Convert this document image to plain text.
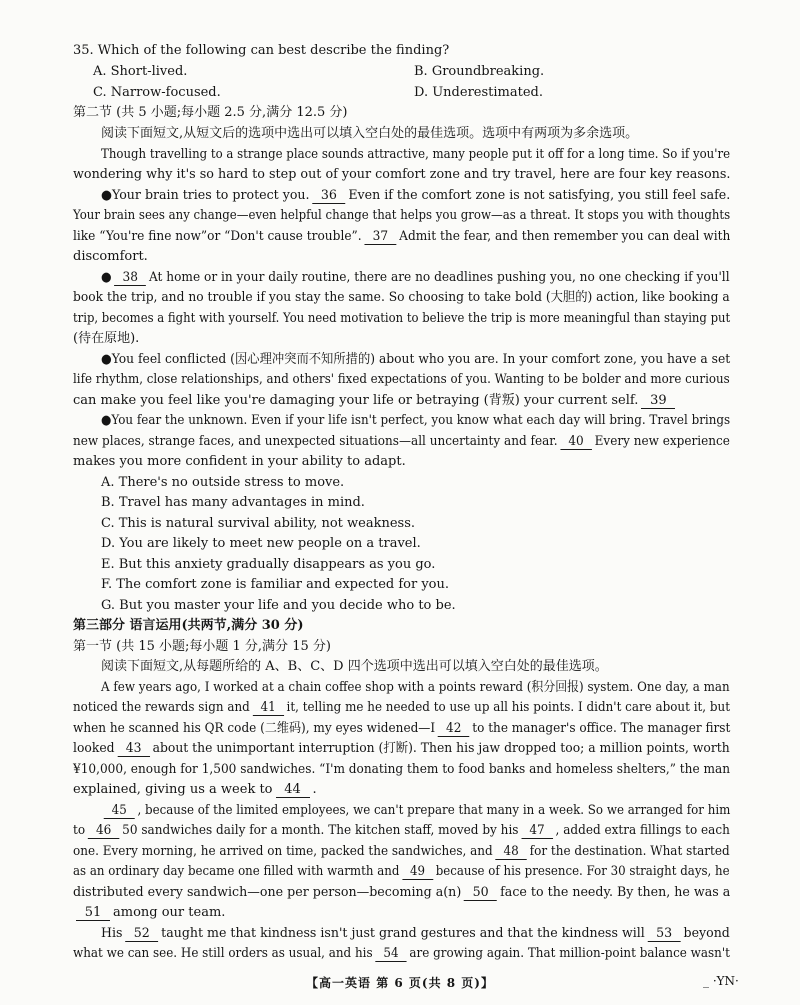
35. Which of the following can best describe the finding?
A. Short-lived.	B. Groundbreaking.
C. Narrow-focused.	D. Underestimated.
第二节 (共 5 小题;每小题 2.5 分,满分 12.5 分)
阅读下面短文,从短文后的选项中选出可以填入空白处的最佳选项。选项中有两项为多余选项。
Though travelling to a strange place sounds attractive, many people put it off for a long time. So if you're
wondering why it's so hard to step out of your comfort zone and try travel, here are four key reasons.
●Your brain tries to protect you. 36 Even if the comfort zone is not satisfying, you still feel safe.
Your brain sees any change—even helpful change that helps you grow—as a threat. It stops you with thoughts
like “You're fine now”or “Don't cause trouble”. 37 Admit the fear, and then remember you can deal with
discomfort.
● 38 At home or in your daily routine, there are no deadlines pushing you, no one checking if you'll
book the trip, and no trouble if you stay the same. So choosing to take bold (大胆的) action, like booking a
trip, becomes a fight with yourself. You need motivation to believe the trip is more meaningful than staying put
(待在原地).
●You feel conflicted (因心理冲突而不知所措的) about who you are. In your comfort zone, you have a set
life rhythm, close relationships, and others' fixed expectations of you. Wanting to be bolder and more curious
can make you feel like you're damaging your life or betraying (背叛) your current self. 39
●You fear the unknown. Even if your life isn't perfect, you know what each day will bring. Travel brings
new places, strange faces, and unexpected situations—all uncertainty and fear. 40 Every new experience
makes you more confident in your ability to adapt.
A. There's no outside stress to move.
B. Travel has many advantages in mind.
C. This is natural survival ability, not weakness.
D. You are likely to meet new people on a travel.
E. But this anxiety gradually disappears as you go.
F. The comfort zone is familiar and expected for you.
G. But you master your life and you decide who to be.
第三部分 语言运用(共两节,满分 30 分)
第一节 (共 15 小题;每小题 1 分,满分 15 分)
阅读下面短文,从每题所给的 A、B、C、D 四个选项中选出可以填入空白处的最佳选项。
A few years ago, I worked at a chain coffee shop with a points reward (积分回报) system. One day, a man
noticed the rewards sign and 41 it, telling me he needed to use up all his points. I didn't care about it, but
when he scanned his QR code (二维码), my eyes widened—I 42 to the manager's office. The manager first
looked 43 about the unimportant interruption (打断). Then his jaw dropped too; a million points, worth
¥10,000, enough for 1,500 sandwiches. “I'm donating them to food banks and homeless shelters,” the man
explained, giving us a week to 44 .
45 , because of the limited employees, we can't prepare that many in a week. So we arranged for him
to 46 50 sandwiches daily for a month. The kitchen staff, moved by his 47 , added extra fillings to each
one. Every morning, he arrived on time, packed the sandwiches, and 48 for the destination. What started
as an ordinary day became one filled with warmth and 49 because of his presence. For 30 straight days, he
distributed every sandwich—one per person—becoming a(n) 50 face to the needy. By then, he was a
51 among our team.
His 52 taught me that kindness isn't just grand gestures and that the kindness will 53 beyond
what we can see. He still orders as usual, and his 54 are growing again. That million-point balance wasn't
【高一英语 第 6 页(共 8 页)】	_ ·YN·
